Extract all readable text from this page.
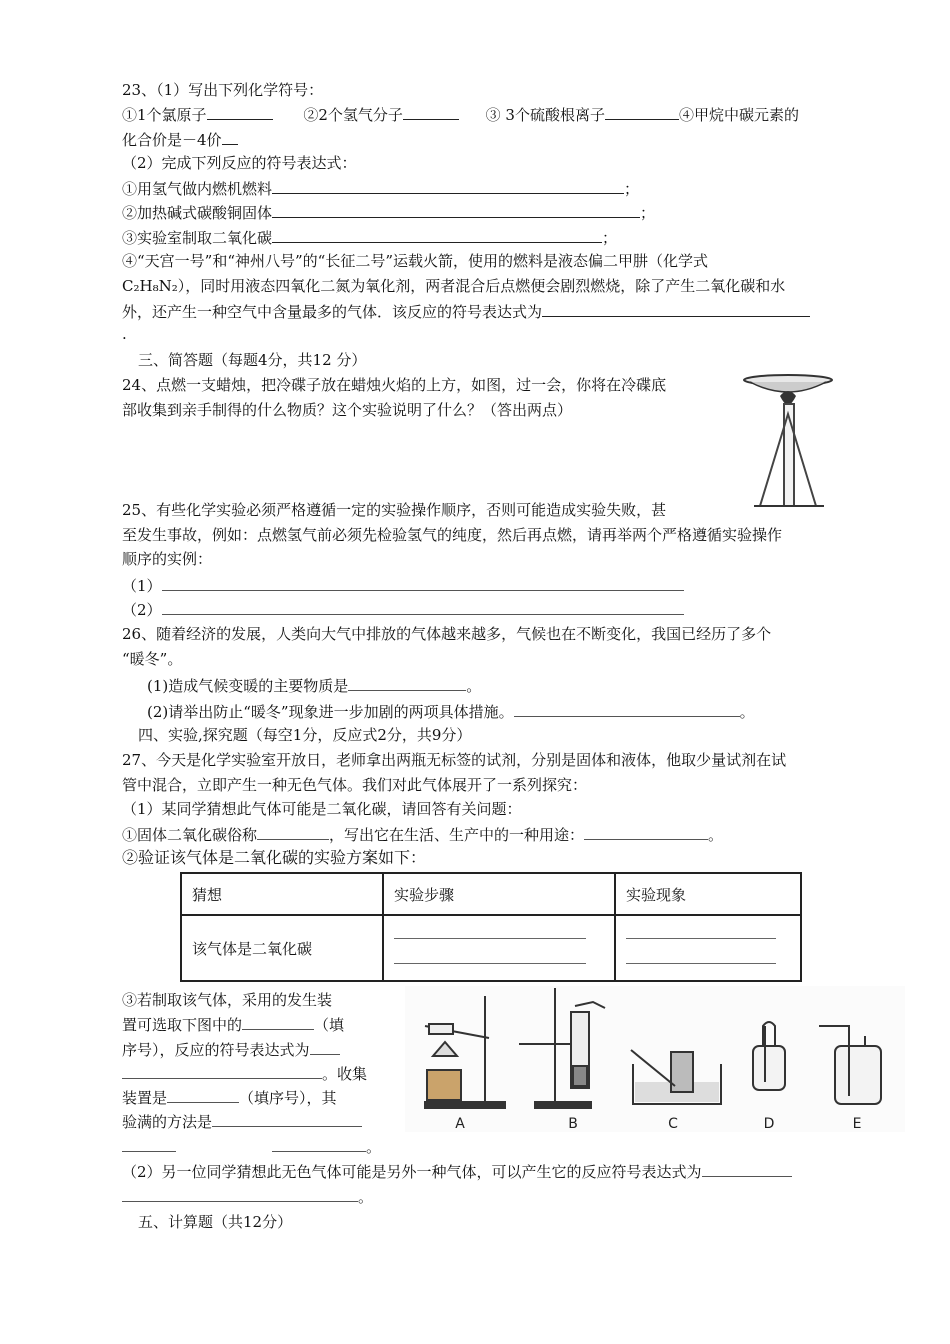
23、（1）写出下列化学符号：
①1个氯原子	②2个氢气分子	③ 3个硫酸根离子	④甲烷中碳元素的
化合价是－4价
（2）完成下列反应的符号表达式：
①用氢气做内燃机燃料	；
②加热碱式碳酸铜固体	；
③实验室制取二氧化碳	；
④“天宫一号”和“神州八号”的“长征二号”运载火箭，使用的燃料是液态偏二甲肼（化学式
C₂H₈N₂），同时用液态四氧化二氮为氧化剂，两者混合后点燃便会剧烈燃烧，除了产生二氧化碳和水
外，还产生一种空气中含量最多的气体．该反应的符号表达式为
.
三、简答题（每题4分，共12 分）
24、点燃一支蜡烛，把冷碟子放在蜡烛火焰的上方，如图，过一会，你将在冷碟底
部收集到亲手制得的什么物质？这个实验说明了什么？（答出两点）
25、有些化学实验必须严格遵循一定的实验操作顺序，否则可能造成实验失败，甚
至发生事故，例如：点燃氢气前必须先检验氢气的纯度，然后再点燃，请再举两个严格遵循实验操作
顺序的实例：
（1）
（2）
26、随着经济的发展，人类向大气中排放的气体越来越多，气候也在不断变化，我国已经历了多个
“暖冬”。
(1)造成气候变暖的主要物质是	。
(2)请举出防止“暖冬”现象进一步加剧的两项具体措施。	。
四、实验,探究题（每空1分，反应式2分，共9分）
27、今天是化学实验室开放日，老师拿出两瓶无标签的试剂，分别是固体和液体，他取少量试剂在试
管中混合，立即产生一种无色气体。我们对此气体展开了一系列探究：
（1）某同学猜想此气体可能是二氧化碳，请回答有关问题：
①固体二氧化碳俗称	，写出它在生活、生产中的一种用途：	。
②验证该气体是二氧化碳的实验方案如下：
猜想	实验步骤	实验现象
该气体是二氧化碳	

③若制取该气体，采用的发生装
置可选取下图中的	（填
序号），反应的符号表达式为
。收集
装置是	（填序号），其
验满的方法是
。
A	B	C	D	E
（2）另一位同学猜想此无色气体可能是另外一种气体，可以产生它的反应符号表达式为
。
五、计算题（共12分）
